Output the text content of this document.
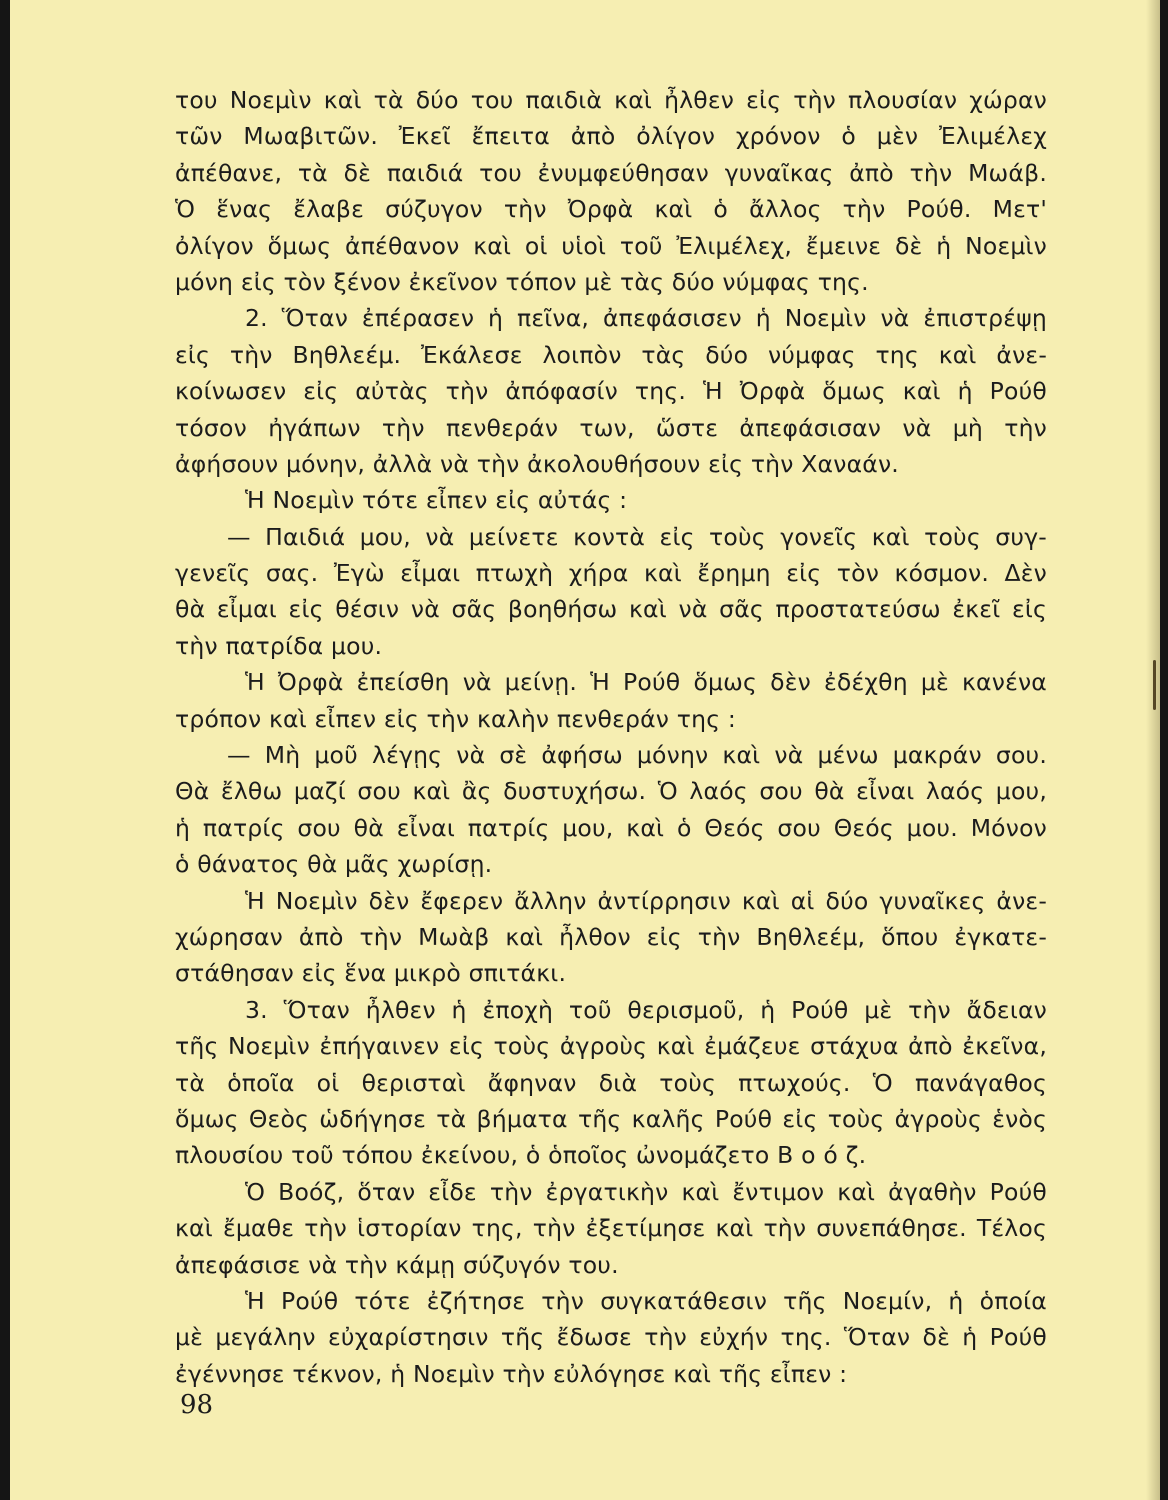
του Νοεμὶν καὶ τὰ δύο του παιδιὰ καὶ ἦλθεν εἰς τὴν πλουσίαν χώραν
τῶν Μωαβιτῶν. Ἐκεῖ ἔπειτα ἀπὸ ὀλίγον χρόνον ὁ μὲν Ἐλιμέλεχ
ἀπέθανε, τὰ δὲ παιδιά του ἐνυμφεύθησαν γυναῖκας ἀπὸ τὴν Μωάβ.
Ὁ ἕνας ἔλαβε σύζυγον τὴν Ὀρφὰ καὶ ὁ ἄλλος τὴν Ρούθ. Μετ'
ὀλίγον ὅμως ἀπέθανον καὶ οἱ υἱοὶ τοῦ Ἐλιμέλεχ, ἔμεινε δὲ ἡ Νοεμὶν
μόνη εἰς τὸν ξένον ἐκεῖνον τόπον μὲ τὰς δύο νύμφας της.
2. Ὅταν ἐπέρασεν ἡ πεῖνα, ἀπεφάσισεν ἡ Νοεμὶν νὰ ἐπιστρέψῃ
εἰς τὴν Βηθλεέμ. Ἐκάλεσε λοιπὸν τὰς δύο νύμφας της καὶ ἀνε-
κοίνωσεν εἰς αὐτὰς τὴν ἀπόφασίν της. Ἡ Ὀρφὰ ὅμως καὶ ἡ Ρούθ
τόσον ἠγάπων τὴν πενθεράν των, ὥστε ἀπεφάσισαν νὰ μὴ τὴν
ἀφήσουν μόνην, ἀλλὰ νὰ τὴν ἀκολουθήσουν εἰς τὴν Χαναάν.
Ἡ Νοεμὶν τότε εἶπεν εἰς αὐτάς :
— Παιδιά μου, νὰ μείνετε κοντὰ εἰς τοὺς γονεῖς καὶ τοὺς συγ-
γενεῖς σας. Ἐγὼ εἶμαι πτωχὴ χήρα καὶ ἔρημη εἰς τὸν κόσμον. Δὲν
θὰ εἶμαι εἰς θέσιν νὰ σᾶς βοηθήσω καὶ νὰ σᾶς προστατεύσω ἐκεῖ εἰς
τὴν πατρίδα μου.
Ἡ Ὀρφὰ ἐπείσθη νὰ μείνῃ. Ἡ Ρούθ ὅμως δὲν ἐδέχθη μὲ κανένα
τρόπον καὶ εἶπεν εἰς τὴν καλὴν πενθεράν της :
— Μὴ μοῦ λέγῃς νὰ σὲ ἀφήσω μόνην καὶ νὰ μένω μακράν σου.
Θὰ ἔλθω μαζί σου καὶ ἂς δυστυχήσω. Ὁ λαός σου θὰ εἶναι λαός μου,
ἡ πατρίς σου θὰ εἶναι πατρίς μου, καὶ ὁ Θεός σου Θεός μου. Μόνον
ὁ θάνατος θὰ μᾶς χωρίσῃ.
Ἡ Νοεμὶν δὲν ἔφερεν ἄλλην ἀντίρρησιν καὶ αἱ δύο γυναῖκες ἀνε-
χώρησαν ἀπὸ τὴν Μωὰβ καὶ ἦλθον εἰς τὴν Βηθλεέμ, ὅπου ἐγκατε-
στάθησαν εἰς ἕνα μικρὸ σπιτάκι.
3. Ὅταν ἦλθεν ἡ ἐποχὴ τοῦ θερισμοῦ, ἡ Ρούθ μὲ τὴν ἄδειαν
τῆς Νοεμὶν ἐπήγαινεν εἰς τοὺς ἀγροὺς καὶ ἐμάζευε στάχυα ἀπὸ ἐκεῖνα,
τὰ ὁποῖα οἱ θερισταὶ ἄφηναν διὰ τοὺς πτωχούς. Ὁ πανάγαθος
ὅμως Θεὸς ὡδήγησε τὰ βήματα τῆς καλῆς Ρούθ εἰς τοὺς ἀγροὺς ἑνὸς
πλουσίου τοῦ τόπου ἐκείνου, ὁ ὁποῖος ὠνομάζετο Β ο ό ζ.
Ὁ Βοόζ, ὅταν εἶδε τὴν ἐργατικὴν καὶ ἔντιμον καὶ ἀγαθὴν Ρούθ
καὶ ἔμαθε τὴν ἱστορίαν της, τὴν ἐξετίμησε καὶ τὴν συνεπάθησε. Τέλος
ἀπεφάσισε νὰ τὴν κάμῃ σύζυγόν του.
Ἡ Ρούθ τότε ἐζήτησε τὴν συγκατάθεσιν τῆς Νοεμίν, ἡ ὁποία
μὲ μεγάλην εὐχαρίστησιν τῆς ἔδωσε τὴν εὐχήν της. Ὅταν δὲ ἡ Ρούθ
ἐγέννησε τέκνον, ἡ Νοεμὶν τὴν εὐλόγησε καὶ τῆς εἶπεν :
98
